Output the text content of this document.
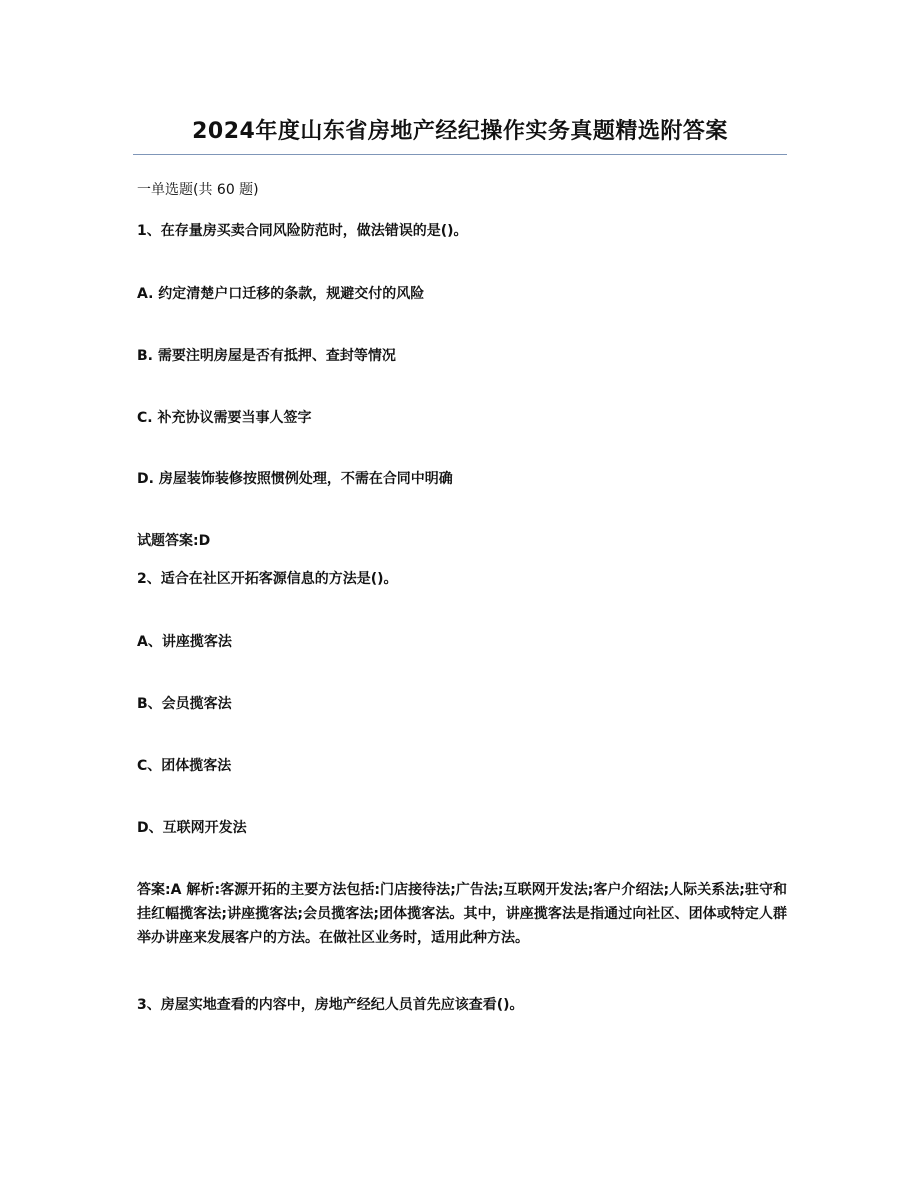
2024年度山东省房地产经纪操作实务真题精选附答案

一单选题(共 60 题)

1、在存量房买卖合同风险防范时，做法错误的是()。

A. 约定清楚户口迁移的条款，规避交付的风险

B. 需要注明房屋是否有抵押、查封等情况

C. 补充协议需要当事人签字

D. 房屋装饰装修按照惯例处理，不需在合同中明确

试题答案:D

2、适合在社区开拓客源信息的方法是()。

A、讲座揽客法

B、会员揽客法

C、团体揽客法

D、互联网开发法

答案:A 解析:客源开拓的主要方法包括:门店接待法;广告法;互联网开发法;客户介绍法;人际关系法;驻守和挂红幅揽客法;讲座揽客法;会员揽客法;团体揽客法。其中，讲座揽客法是指通过向社区、团体或特定人群举办讲座来发展客户的方法。在做社区业务时，适用此种方法。

3、房屋实地查看的内容中，房地产经纪人员首先应该查看()。
